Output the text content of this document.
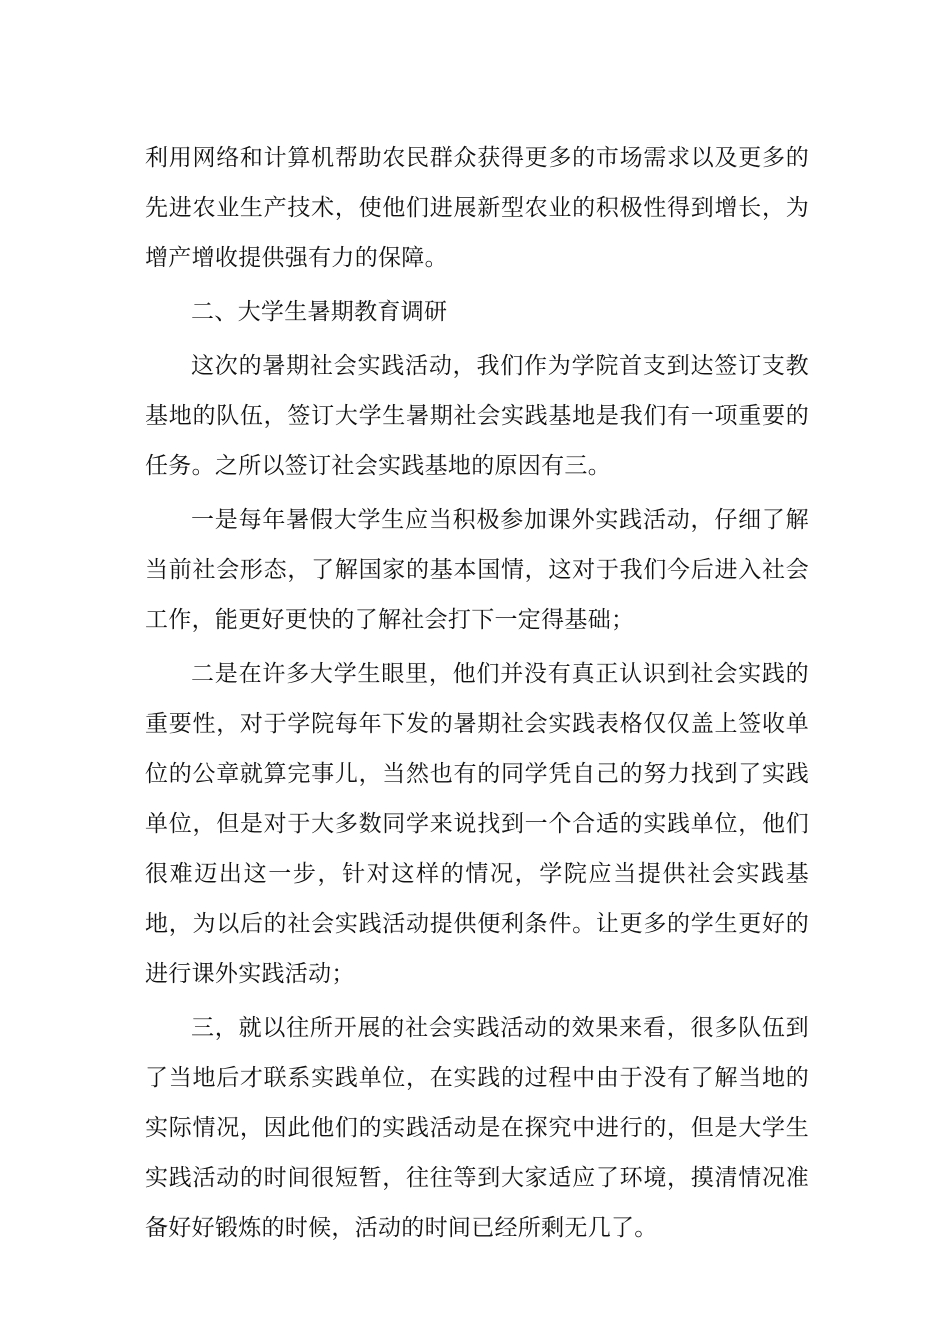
利用网络和计算机帮助农民群众获得更多的市场需求以及更多的先进农业生产技术，使他们进展新型农业的积极性得到增长，为增产增收提供强有力的保障。

二、大学生暑期教育调研

这次的暑期社会实践活动，我们作为学院首支到达签订支教基地的队伍，签订大学生暑期社会实践基地是我们有一项重要的任务。之所以签订社会实践基地的原因有三。

一是每年暑假大学生应当积极参加课外实践活动，仔细了解当前社会形态，了解国家的基本国情，这对于我们今后进入社会工作，能更好更快的了解社会打下一定得基础；

二是在许多大学生眼里，他们并没有真正认识到社会实践的重要性，对于学院每年下发的暑期社会实践表格仅仅盖上签收单位的公章就算完事儿，当然也有的同学凭自己的努力找到了实践单位，但是对于大多数同学来说找到一个合适的实践单位，他们很难迈出这一步，针对这样的情况，学院应当提供社会实践基地，为以后的社会实践活动提供便利条件。让更多的学生更好的进行课外实践活动；

三，就以往所开展的社会实践活动的效果来看，很多队伍到了当地后才联系实践单位，在实践的过程中由于没有了解当地的实际情况，因此他们的实践活动是在探究中进行的，但是大学生实践活动的时间很短暂，往往等到大家适应了环境，摸清情况准备好好锻炼的时候，活动的时间已经所剩无几了。
